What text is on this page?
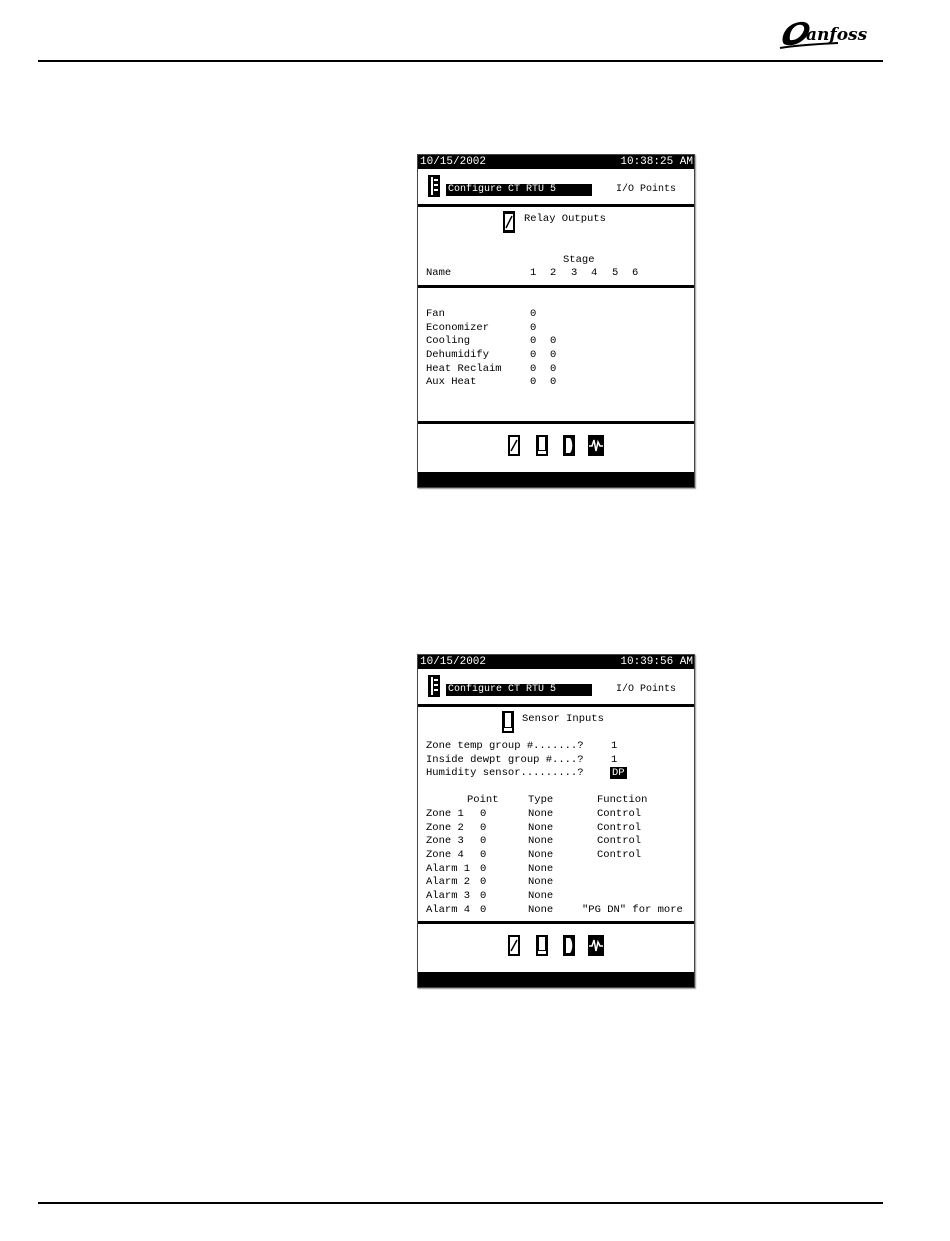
anfoss
10/15/2002	10:38:25 AM
Configure CT RTU 5	I/O Points
Relay Outputs
Stage
Name	1 2 3 4 5 6
Fan	0
Economizer	0
Cooling	0 0
Dehumidify	0 0
Heat Reclaim	0 0
Aux Heat	0 0
10/15/2002	10:39:56 AM
Configure CT RTU 5	I/O Points
Sensor Inputs
Zone temp group #.......?	1
Inside dewpt group #....?	1
Humidity sensor.........?	DP
Point	Type	Function
Zone 1 0	None	Control
Zone 2 0	None	Control
Zone 3 0	None	Control
Zone 4 0	None	Control
Alarm 1 0	None
Alarm 2 0	None
Alarm 3 0	None
Alarm 4 0	None	"PG DN" for more
